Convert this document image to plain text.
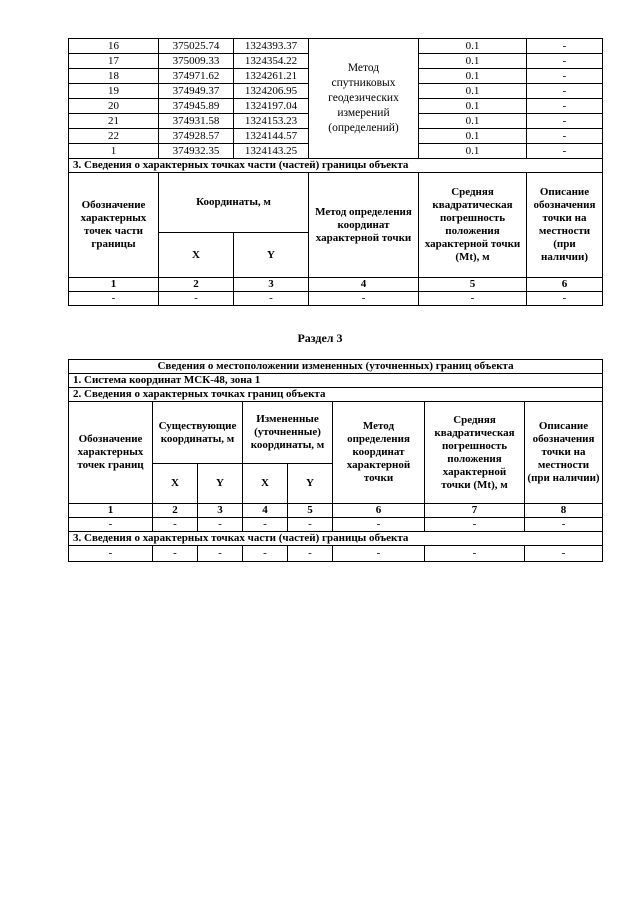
16	375025.74	1324393.37	Метод спутниковых геодезических измерений (определений)	0.1	-
17	375009.33	1324354.22		0.1	-
18	374971.62	1324261.21		0.1	-
19	374949.37	1324206.95		0.1	-
20	374945.89	1324197.04		0.1	-
21	374931.58	1324153.23		0.1	-
22	374928.57	1324144.57		0.1	-
1	374932.35	1324143.25		0.1	-
3. Сведения о характерных точках части (частей) границы объекта					
Обозначение характерных точек части границы	Координаты, м		Метод определения координат характерной точки	Средняя квадратическая погрешность положения характерной точки (Mt), м	Описание обозначения точки на местности (при наличии)
	X	Y			
1	2	3	4	5	6
-	-	-	-	-	-
Раздел 3
Сведения о местоположении измененных (уточненных) границ объекта							
1. Система координат МСК-48, зона 1							
2. Сведения о характерных точках границ объекта							
Обозначение характерных точек границ	Существующие координаты, м		Измененные (уточненные) координаты, м		Метод определения координат характерной точки	Средняя квадратическая погрешность положения характерной точки (Mt), м	Описание обозначения точки на местности (при наличии)
	X	Y	X	Y			
1	2	3	4	5	6	7	8
-	-	-	-	-	-	-	-
3. Сведения о характерных точках части (частей) границы объекта							
-	-	-	-	-	-	-	-
